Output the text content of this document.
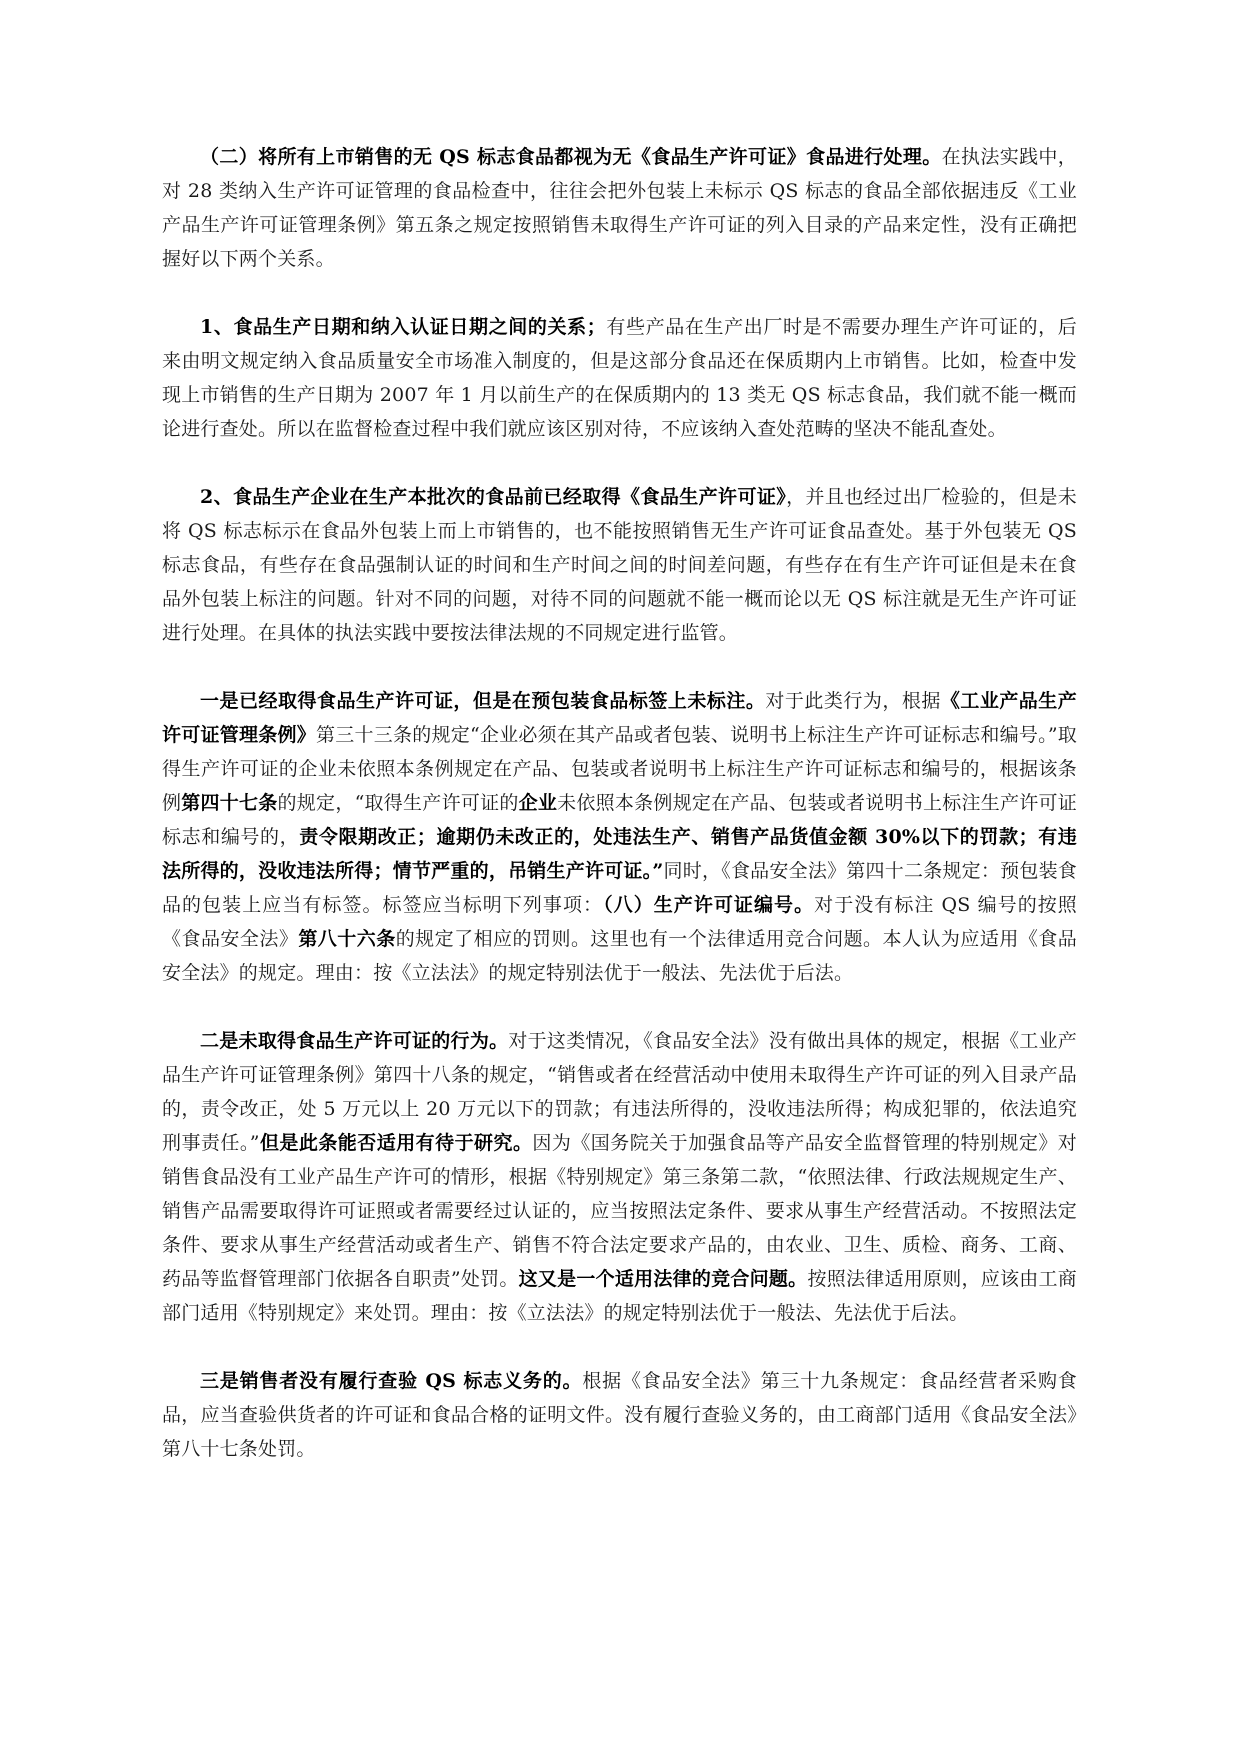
（二）将所有上市销售的无 QS 标志食品都视为无《食品生产许可证》食品进行处理。在执法实践中，对 28 类纳入生产许可证管理的食品检查中，往往会把外包装上未标示 QS 标志的食品全部依据违反《工业产品生产许可证管理条例》第五条之规定按照销售未取得生产许可证的列入目录的产品来定性，没有正确把握好以下两个关系。

1、食品生产日期和纳入认证日期之间的关系；有些产品在生产出厂时是不需要办理生产许可证的，后来由明文规定纳入食品质量安全市场准入制度的，但是这部分食品还在保质期内上市销售。比如，检查中发现上市销售的生产日期为 2007 年 1 月以前生产的在保质期内的 13 类无 QS 标志食品，我们就不能一概而论进行查处。所以在监督检查过程中我们就应该区别对待，不应该纳入查处范畴的坚决不能乱查处。

2、食品生产企业在生产本批次的食品前已经取得《食品生产许可证》，并且也经过出厂检验的，但是未将 QS 标志标示在食品外包装上而上市销售的，也不能按照销售无生产许可证食品查处。基于外包装无 QS 标志食品，有些存在食品强制认证的时间和生产时间之间的时间差问题，有些存在有生产许可证但是未在食品外包装上标注的问题。针对不同的问题，对待不同的问题就不能一概而论以无 QS 标注就是无生产许可证进行处理。在具体的执法实践中要按法律法规的不同规定进行监管。

一是已经取得食品生产许可证，但是在预包装食品标签上未标注。对于此类行为，根据《工业产品生产许可证管理条例》第三十三条的规定“企业必须在其产品或者包装、说明书上标注生产许可证标志和编号。”取得生产许可证的企业未依照本条例规定在产品、包装或者说明书上标注生产许可证标志和编号的，根据该条例第四十七条的规定，“取得生产许可证的企业未依照本条例规定在产品、包装或者说明书上标注生产许可证标志和编号的，责令限期改正；逾期仍未改正的，处违法生产、销售产品货值金额 30%以下的罚款；有违法所得的，没收违法所得；情节严重的，吊销生产许可证。”同时，《食品安全法》第四十二条规定：预包装食品的包装上应当有标签。标签应当标明下列事项：（八）生产许可证编号。对于没有标注 QS 编号的按照《食品安全法》第八十六条的规定了相应的罚则。这里也有一个法律适用竞合问题。本人认为应适用《食品安全法》的规定。理由：按《立法法》的规定特别法优于一般法、先法优于后法。

二是未取得食品生产许可证的行为。对于这类情况，《食品安全法》没有做出具体的规定，根据《工业产品生产许可证管理条例》第四十八条的规定，“销售或者在经营活动中使用未取得生产许可证的列入目录产品的，责令改正，处 5 万元以上 20 万元以下的罚款；有违法所得的，没收违法所得；构成犯罪的，依法追究刑事责任。”但是此条能否适用有待于研究。因为《国务院关于加强食品等产品安全监督管理的特别规定》对销售食品没有工业产品生产许可的情形，根据《特别规定》第三条第二款，“依照法律、行政法规规定生产、销售产品需要取得许可证照或者需要经过认证的，应当按照法定条件、要求从事生产经营活动。不按照法定条件、要求从事生产经营活动或者生产、销售不符合法定要求产品的，由农业、卫生、质检、商务、工商、药品等监督管理部门依据各自职责”处罚。这又是一个适用法律的竞合问题。按照法律适用原则，应该由工商部门适用《特别规定》来处罚。理由：按《立法法》的规定特别法优于一般法、先法优于后法。

三是销售者没有履行查验 QS 标志义务的。根据《食品安全法》第三十九条规定：食品经营者采购食品，应当查验供货者的许可证和食品合格的证明文件。没有履行查验义务的，由工商部门适用《食品安全法》第八十七条处罚。
